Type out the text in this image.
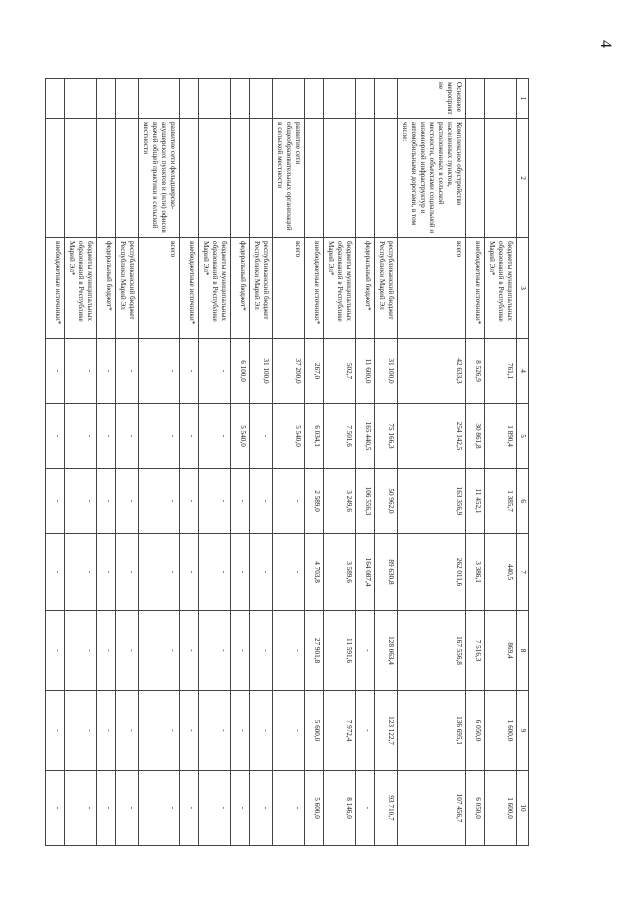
4
1	2	3	4	5	6	7	8	9	10
		бюджеты муниципальных образований в Республике Марий Эл*	761,1	1 890,4	1 385,7	440,5	869,4	1 600,0	1 600,0
		внебюджетные источники*	8 526,9	30 861,8	11 452,1	3 386,1	7 516,3	6 050,0	6 050,0
Основное мероприятие	Комплексное обустройство населенных пунктов, расположенных в сельской местности, объектами социальной и инженерной инфраструктур и автомобильными дорогами, в том числе:	всего	42 633,3	254 142,5	163 356,9	262 011,6	167 556,8	136 695,1	107 456,7
		республиканский бюджет Республики Марий Эл	31 100,0	75 166,3	50 962,0	89 630,8	128 063,4	123 122,7	93 710,7
		федеральный бюджет*	11 600,0	165 440,5	106 556,3	164 087,4	-	-	-
		бюджеты муниципальных образований в Республике Марий Эл*	502,7	7 501,6	3 249,6	3 589,6	11 591,6	7 972,4	8 146,0
		внебюджетные источники*	267,0	6 034,1	2 589,0	4 703,8	27 901,8	5 600,0	5 600,0
	развитие сети общеобразовательных организаций в сельской местности	всего	37 200,0	5 540,0	-	-	-	-	-
		республиканский бюджет Республики Марий Эл	31 100,0	-	-	-	-	-	-
		федеральный бюджет*	6 100,0	5 540,0	-	-	-	-	-
		бюджеты муниципальных образований в Республике Марий Эл*	-	-	-	-	-	-	-
		внебюджетные источники*	-	-	-	-	-	-	-
	развитие сети фельдшерско-акушерских пунктов и (или) офисов врачей общей практики в сельской местности	всего	-	-	-	-	-	-	-
		республиканский бюджет Республики Марий Эл	-	-	-	-	-	-	-
		федеральный бюджет*	-	-	-	-	-	-	-
		бюджеты муниципальных образований в Республике Марий Эл*	-	-	-	-	-	-	-
		внебюджетные источники*	-	-	-	-	-	-	-
